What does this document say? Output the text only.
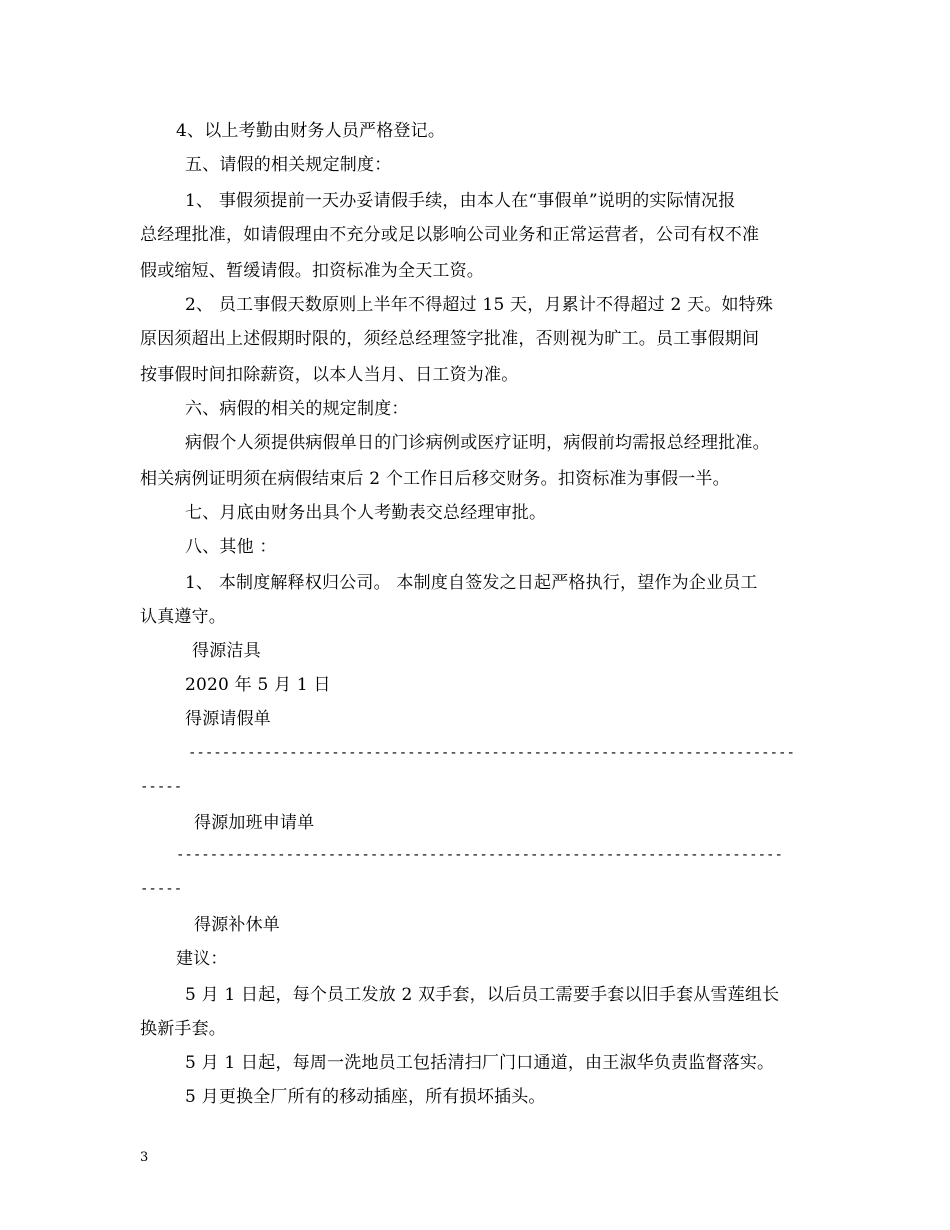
4、以上考勤由财务人员严格登记。
五、请假的相关规定制度：
1、 事假须提前一天办妥请假手续，由本人在“事假单”说明的实际情况报
总经理批准，如请假理由不充分或足以影响公司业务和正常运营者，公司有权不准
假或缩短、暂缓请假。扣资标准为全天工资。
2、 员工事假天数原则上半年不得超过 15 天，月累计不得超过 2 天。如特殊
原因须超出上述假期时限的，须经总经理签字批准，否则视为旷工。员工事假期间
按事假时间扣除薪资，以本人当月、日工资为准。
六、病假的相关的规定制度：
病假个人须提供病假单日的门诊病例或医疗证明，病假前均需报总经理批准。
相关病例证明须在病假结束后 2 个工作日后移交财务。扣资标准为事假一半。
七、月底由财务出具个人考勤表交总经理审批。
八、其他 ：
1、 本制度解释权归公司。 本制度自签发之日起严格执行，望作为企业员工
认真遵守。
得源洁具
2020 年 5 月 1 日
得源请假单
------------------------------------------------------------------------
-----
得源加班申请单
------------------------------------------------------------------------
-----
得源补休单
建议：
5 月 1 日起，每个员工发放 2 双手套，以后员工需要手套以旧手套从雪莲组长
换新手套。
5 月 1 日起，每周一洗地员工包括清扫厂门口通道，由王淑华负责监督落实。
5 月更换全厂所有的移动插座，所有损坏插头。
3
